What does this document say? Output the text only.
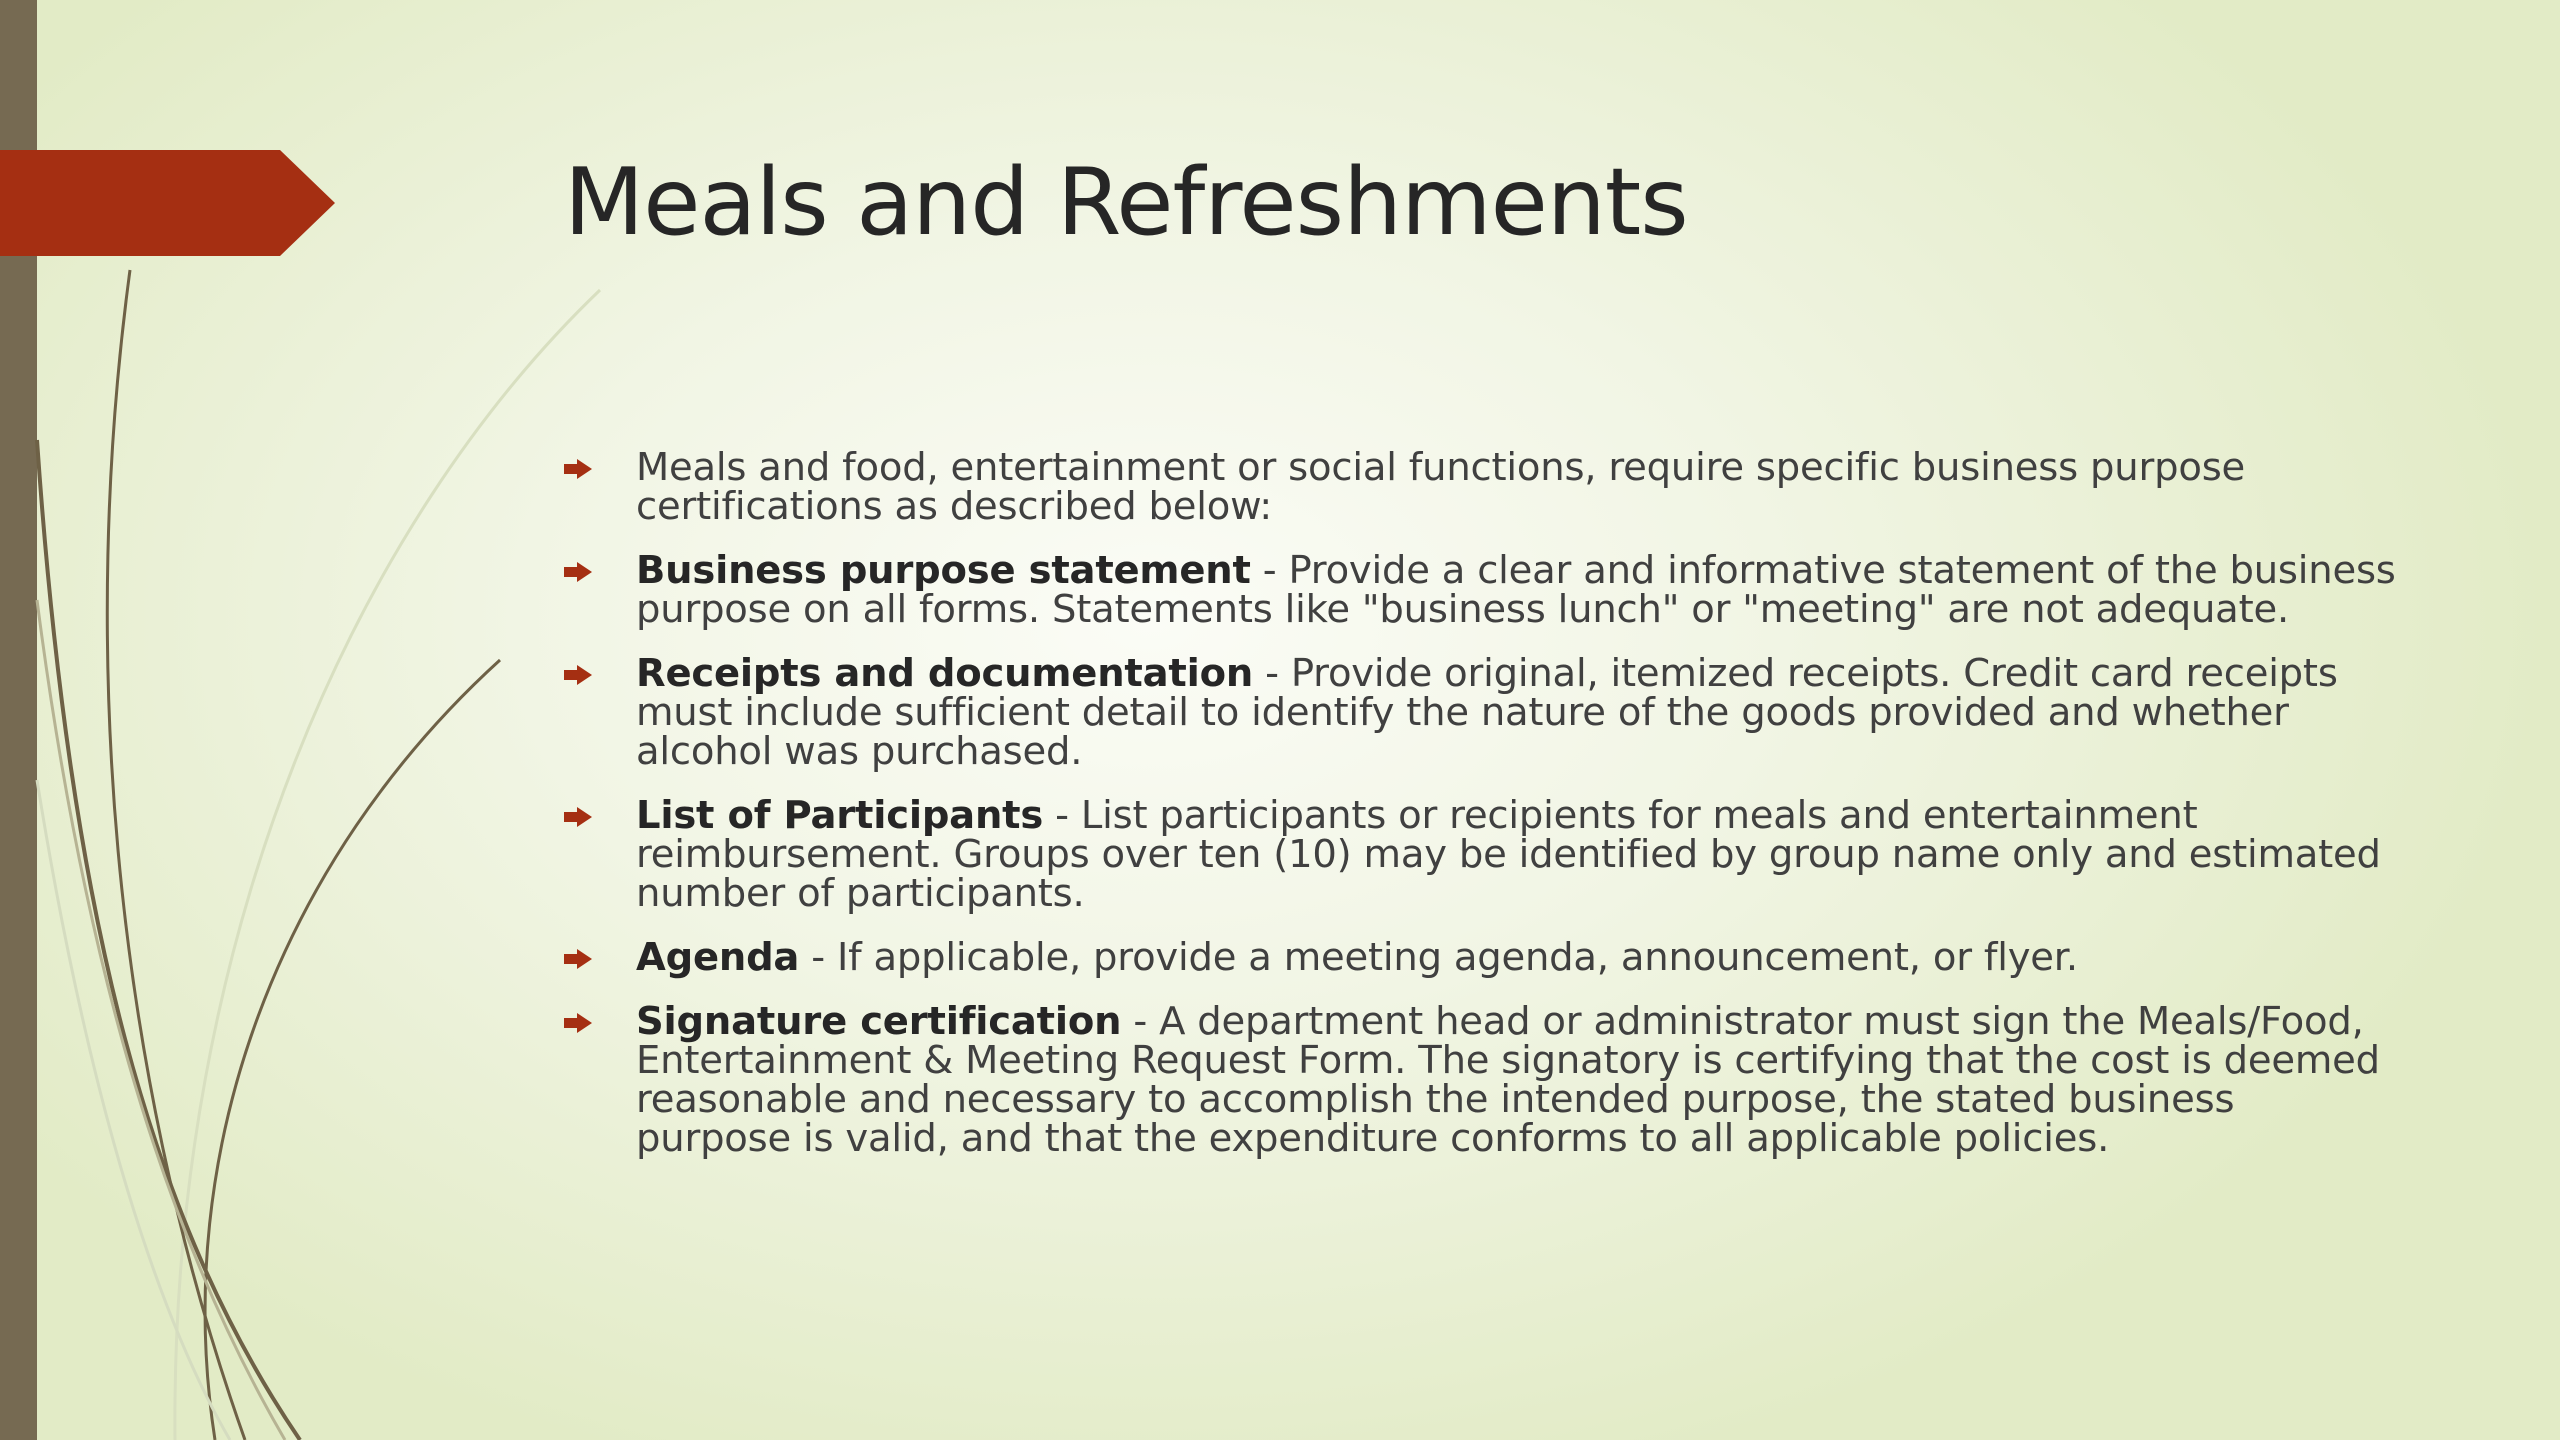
Meals and Refreshments
Meals and food, entertainment or social functions, require specific business purpose certifications as described below:
Business purpose statement - Provide a clear and informative statement of the business purpose on all forms. Statements like "business lunch" or "meeting" are not adequate.
Receipts and documentation - Provide original, itemized receipts. Credit card receipts must include sufficient detail to identify the nature of the goods provided and whether alcohol was purchased.
List of Participants - List participants or recipients for meals and entertainment reimbursement. Groups over ten (10) may be identified by group name only and estimated number of participants.
Agenda - If applicable, provide a meeting agenda, announcement, or flyer.
Signature certification - A department head or administrator must sign the Meals/Food, Entertainment & Meeting Request Form. The signatory is certifying that the cost is deemed reasonable and necessary to accomplish the intended purpose, the stated business purpose is valid, and that the expenditure conforms to all applicable policies.
